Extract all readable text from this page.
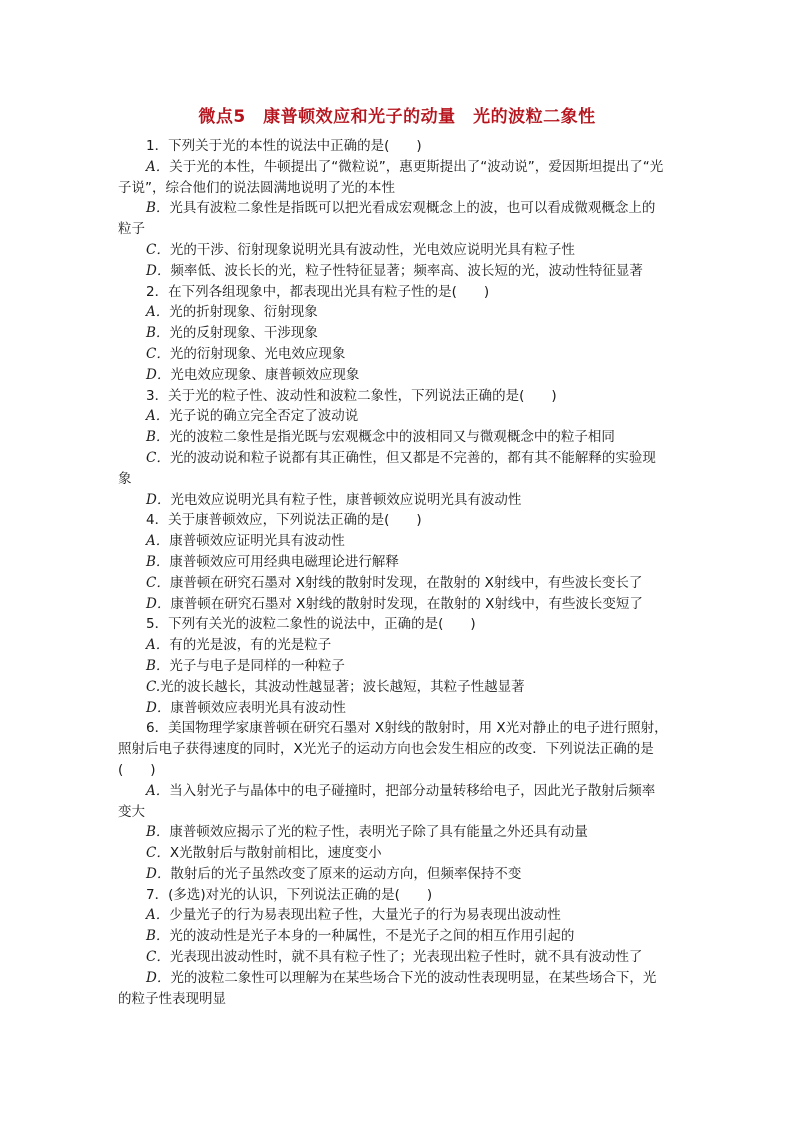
微点5　康普顿效应和光子的动量　光的波粒二象性
1．下列关于光的本性的说法中正确的是(　　)
A．关于光的本性，牛顿提出了“微粒说”，惠更斯提出了“波动说”，爱因斯坦提出了“光
子说”，综合他们的说法圆满地说明了光的本性
B．光具有波粒二象性是指既可以把光看成宏观概念上的波，也可以看成微观概念上的
粒子
C．光的干涉、衍射现象说明光具有波动性，光电效应说明光具有粒子性
D．频率低、波长长的光，粒子性特征显著；频率高、波长短的光，波动性特征显著
2．在下列各组现象中，都表现出光具有粒子性的是(　　)
A．光的折射现象、衍射现象
B．光的反射现象、干涉现象
C．光的衍射现象、光电效应现象
D．光电效应现象、康普顿效应现象
3．关于光的粒子性、波动性和波粒二象性，下列说法正确的是(　　)
A．光子说的确立完全否定了波动说
B．光的波粒二象性是指光既与宏观概念中的波相同又与微观概念中的粒子相同
C．光的波动说和粒子说都有其正确性，但又都是不完善的，都有其不能解释的实验现
象
D．光电效应说明光具有粒子性，康普顿效应说明光具有波动性
4．关于康普顿效应，下列说法正确的是(　　)
A．康普顿效应证明光具有波动性
B．康普顿效应可用经典电磁理论进行解释
C．康普顿在研究石墨对 X射线的散射时发现，在散射的 X射线中，有些波长变长了
D．康普顿在研究石墨对 X射线的散射时发现，在散射的 X射线中，有些波长变短了
5．下列有关光的波粒二象性的说法中，正确的是(　　)
A．有的光是波，有的光是粒子
B．光子与电子是同样的一种粒子
C.光的波长越长，其波动性越显著；波长越短，其粒子性越显著
D．康普顿效应表明光具有波动性
6．美国物理学家康普顿在研究石墨对 X射线的散射时，用 X光对静止的电子进行照射，
照射后电子获得速度的同时，X光光子的运动方向也会发生相应的改变．下列说法正确的是
(　　)
A．当入射光子与晶体中的电子碰撞时，把部分动量转移给电子，因此光子散射后频率
变大
B．康普顿效应揭示了光的粒子性，表明光子除了具有能量之外还具有动量
C．X光散射后与散射前相比，速度变小
D．散射后的光子虽然改变了原来的运动方向，但频率保持不变
7．(多选)对光的认识，下列说法正确的是(　　)
A．少量光子的行为易表现出粒子性，大量光子的行为易表现出波动性
B．光的波动性是光子本身的一种属性，不是光子之间的相互作用引起的
C．光表现出波动性时，就不具有粒子性了；光表现出粒子性时，就不具有波动性了
D．光的波粒二象性可以理解为在某些场合下光的波动性表现明显，在某些场合下，光
的粒子性表现明显
